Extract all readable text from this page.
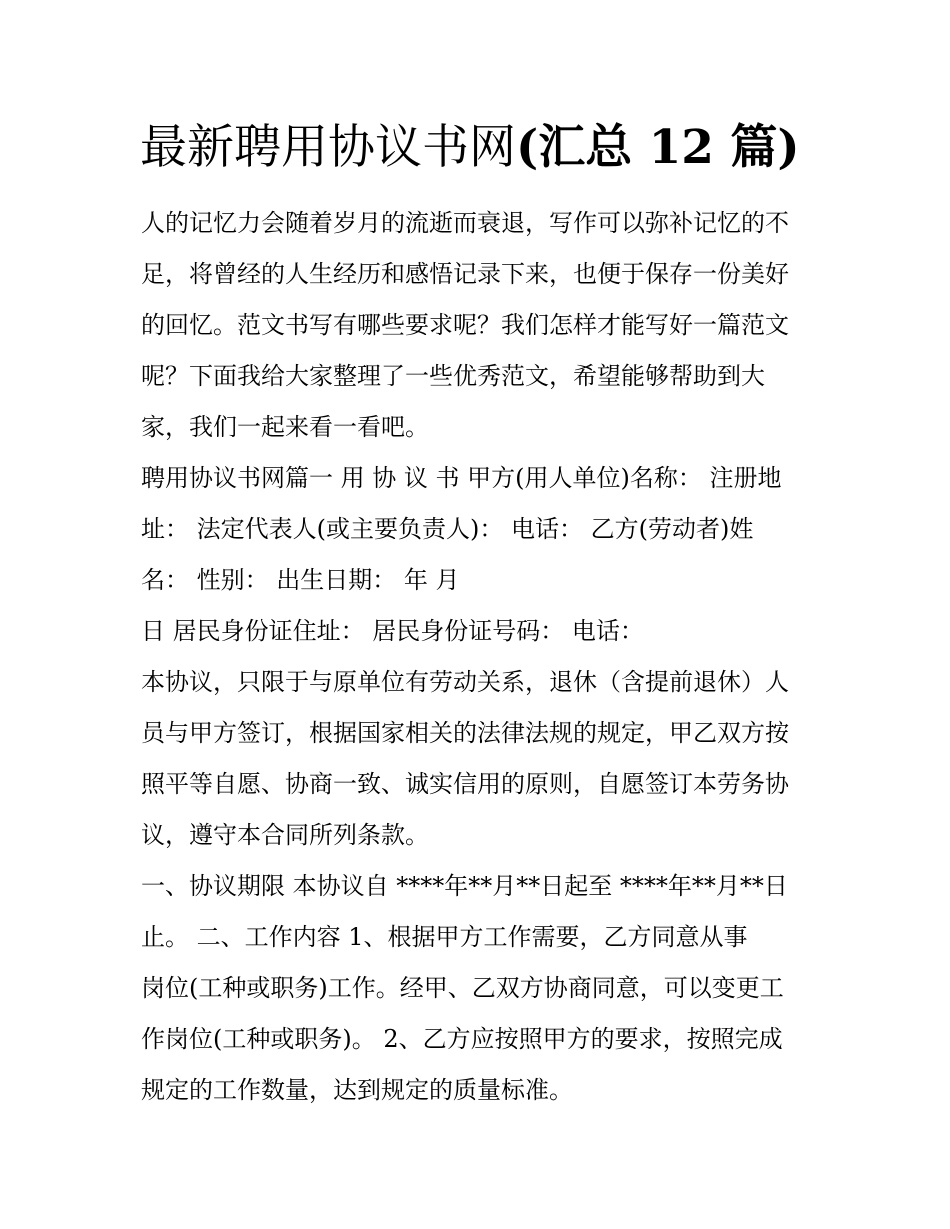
最新聘用协议书网(汇总 12 篇)

人的记忆力会随着岁月的流逝而衰退，写作可以弥补记忆的不

足，将曾经的人生经历和感悟记录下来，也便于保存一份美好

的回忆。范文书写有哪些要求呢？我们怎样才能写好一篇范文

呢？下面我给大家整理了一些优秀范文，希望能够帮助到大

家，我们一起来看一看吧。

聘用协议书网篇一 用 协 议 书 甲方(用人单位)名称： 注册地

址： 法定代表人(或主要负责人)： 电话： 乙方(劳动者)姓

名： 性别： 出生日期： 年 月

日 居民身份证住址： 居民身份证号码： 电话：

本协议，只限于与原单位有劳动关系，退休（含提前退休）人

员与甲方签订，根据国家相关的法律法规的规定，甲乙双方按

照平等自愿、协商一致、诚实信用的原则，自愿签订本劳务协

议，遵守本合同所列条款。

一、协议期限 本协议自 ****年**月**日起至 ****年**月**日

止。 二、工作内容 1、根据甲方工作需要，乙方同意从事

岗位(工种或职务)工作。经甲、乙双方协商同意，可以变更工

作岗位(工种或职务)。 2、乙方应按照甲方的要求，按照完成

规定的工作数量，达到规定的质量标准。
